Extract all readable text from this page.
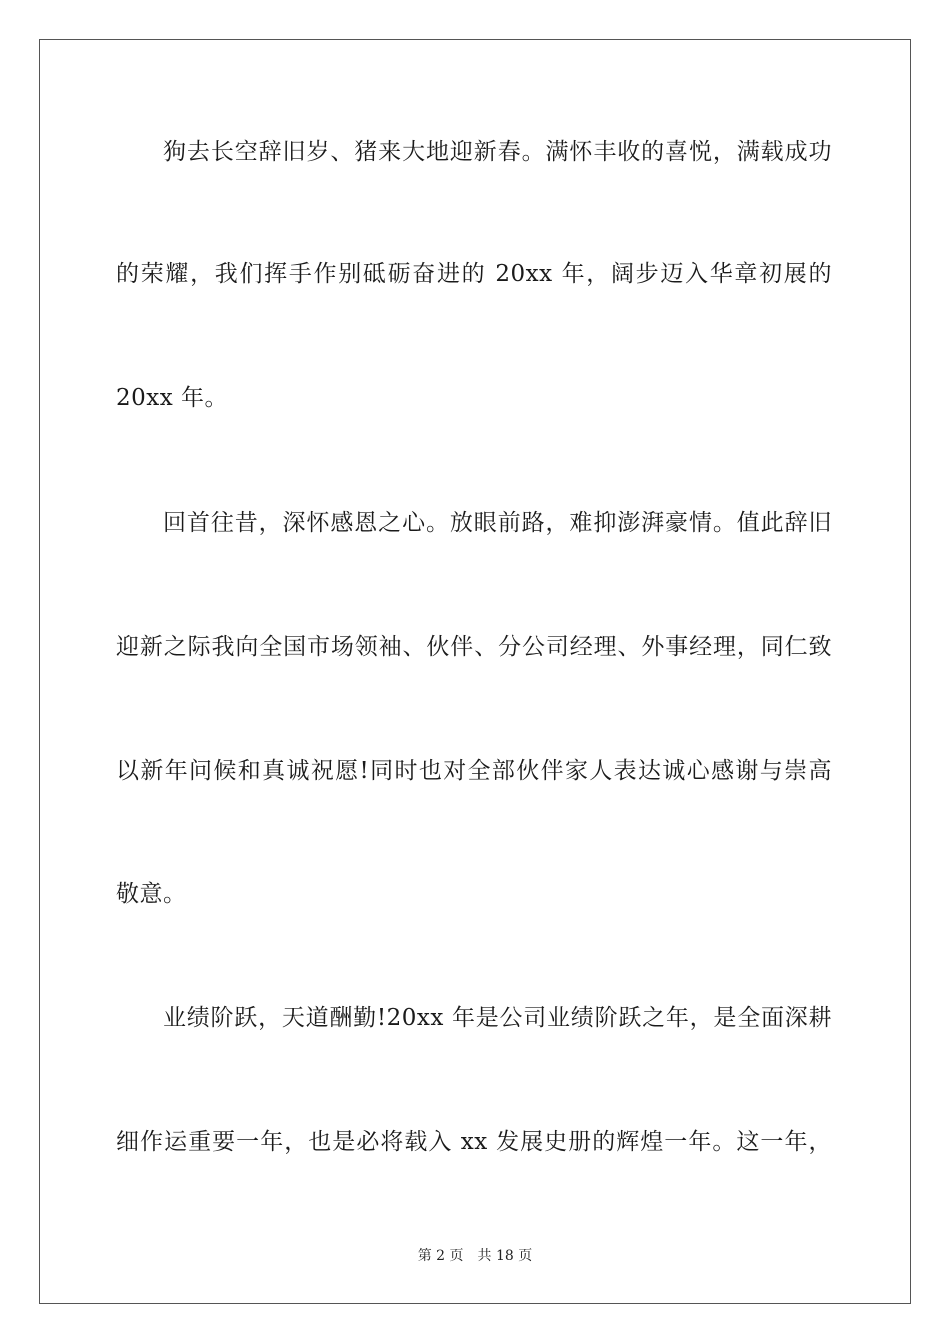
狗去长空辞旧岁、猪来大地迎新春。满怀丰收的喜悦，满载成功
的荣耀，我们挥手作别砥砺奋进的 20xx 年，阔步迈入华章初展的
20xx 年。
回首往昔，深怀感恩之心。放眼前路，难抑澎湃豪情。值此辞旧
迎新之际我向全国市场领袖、伙伴、分公司经理、外事经理，同仁致
以新年问候和真诚祝愿!同时也对全部伙伴家人表达诚心感谢与崇高
敬意。
业绩阶跃，天道酬勤!20xx 年是公司业绩阶跃之年，是全面深耕
细作运重要一年，也是必将载入 xx 发展史册的辉煌一年。这一年，
第 2 页 共 18 页
